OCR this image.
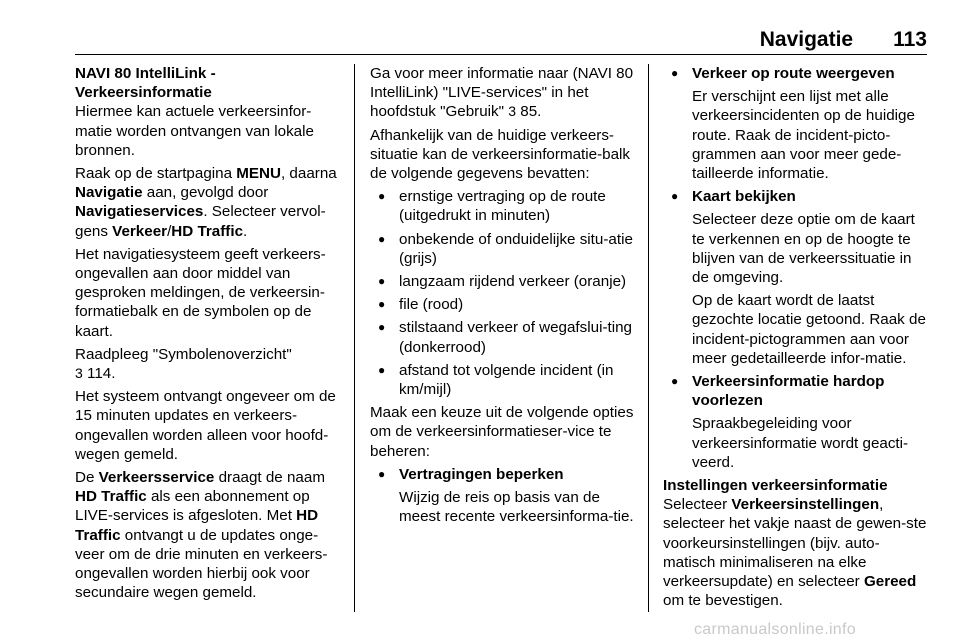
Navigatie 113

NAVI 80 IntelliLink -
Verkeersinformatie

Hiermee kan actuele verkeersinfor-matie worden ontvangen van lokale bronnen.

Raak op de startpagina MENU, daarna Navigatie aan, gevolgd door Navigatieservices. Selecteer vervol-gens Verkeer/HD Traffic.

Het navigatiesysteem geeft verkeers-ongevallen aan door middel van gesproken meldingen, de verkeersin-formatiebalk en de symbolen op de kaart.

Raadpleeg "Symbolenoverzicht"
3 114.

Het systeem ontvangt ongeveer om de 15 minuten updates en verkeers-ongevallen worden alleen voor hoofd-wegen gemeld.

De Verkeersservice draagt de naam HD Traffic als een abonnement op LIVE-services is afgesloten. Met HD Traffic ontvangt u de updates onge-veer om de drie minuten en verkeers-ongevallen worden hierbij ook voor secundaire wegen gemeld.

Ga voor meer informatie naar (NAVI 80 IntelliLink) "LIVE-services" in het hoofdstuk "Gebruik" 3 85.

Afhankelijk van de huidige verkeers-situatie kan de verkeersinformatie-balk de volgende gegevens bevatten:

● ernstige vertraging op de route (uitgedrukt in minuten)
● onbekende of onduidelijke situ-atie (grijs)
● langzaam rijdend verkeer (oranje)
● file (rood)
● stilstaand verkeer of wegafslui-ting (donkerrood)
● afstand tot volgende incident (in km/mijl)

Maak een keuze uit de volgende opties om de verkeersinformatieser-vice te beheren:

● Vertragingen beperken
Wijzig de reis op basis van de meest recente verkeersinforma-tie.
● Verkeer op route weergeven
Er verschijnt een lijst met alle verkeersincidenten op de huidige route. Raak de incident-picto-grammen aan voor meer gede-tailleerde informatie.
● Kaart bekijken
Selecteer deze optie om de kaart te verkennen en op de hoogte te blijven van de verkeerssituatie in de omgeving.
Op de kaart wordt de laatst gezochte locatie getoond. Raak de incident-pictogrammen aan voor meer gedetailleerde infor-matie.
● Verkeersinformatie hardop voorlezen
Spraakbegeleiding voor verkeersinformatie wordt geacti-veerd.

Instellingen verkeersinformatie

Selecteer Verkeersinstellingen, selecteer het vakje naast de gewen-ste voorkeursinstellingen (bijv. auto-matisch minimaliseren na elke verkeersupdate) en selecteer Gereed om te bevestigen.

carmanualsonline.info
